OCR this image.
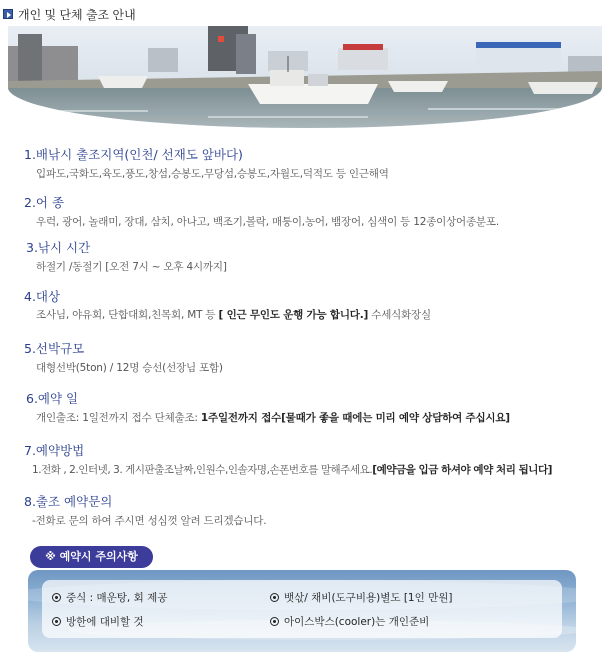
개인 및 단체 출조 안내
1.배낚시 출조지역(인천/ 선재도 앞바다)
입파도,국화도,육도,풍도,창섬,승봉도,무당섬,승봉도,자월도,덕적도 등 인근해역
2.어 종
우럭, 광어, 놀래미, 장대, 삼치, 아나고, 백조기,볼락, 매퉁이,농어, 뱀장어, 심색이 등 12종이상어종분포.
3.낚시 시간
하절기 /동절기 [오전 7시 ~ 오후 4시까지]
4.대상
조사님, 야유회, 단합대회,친목회, MT 등 [ 인근 무인도 운행 가능 합니다.] 수세식화장실
5.선박규모
대형선박(5ton) / 12명 승선(선장님 포함)
6.예약 일
개인출조: 1일전까지 접수 단체출조: 1주일전까지 접수[물때가 좋을 때에는 미리 예약 상담하여 주십시요]
7.예약방법
1.전화 , 2.인터넷, 3. 게시판출조날짜,인원수,인솔자명,손폰번호를 말해주세요.[예약금을 입금 하셔야 예약 처리 됩니다]
8.출조 예약문의
-전화로 문의 하여 주시면 성심껏 알려 드리겠습니다.
※ 예약시 주의사항
중식 : 매운탕, 회 제공	뱃삯/ 채비(도구비용)별도 [1인 만원]
방한에 대비할 것	아이스박스(cooler)는 개인준비
